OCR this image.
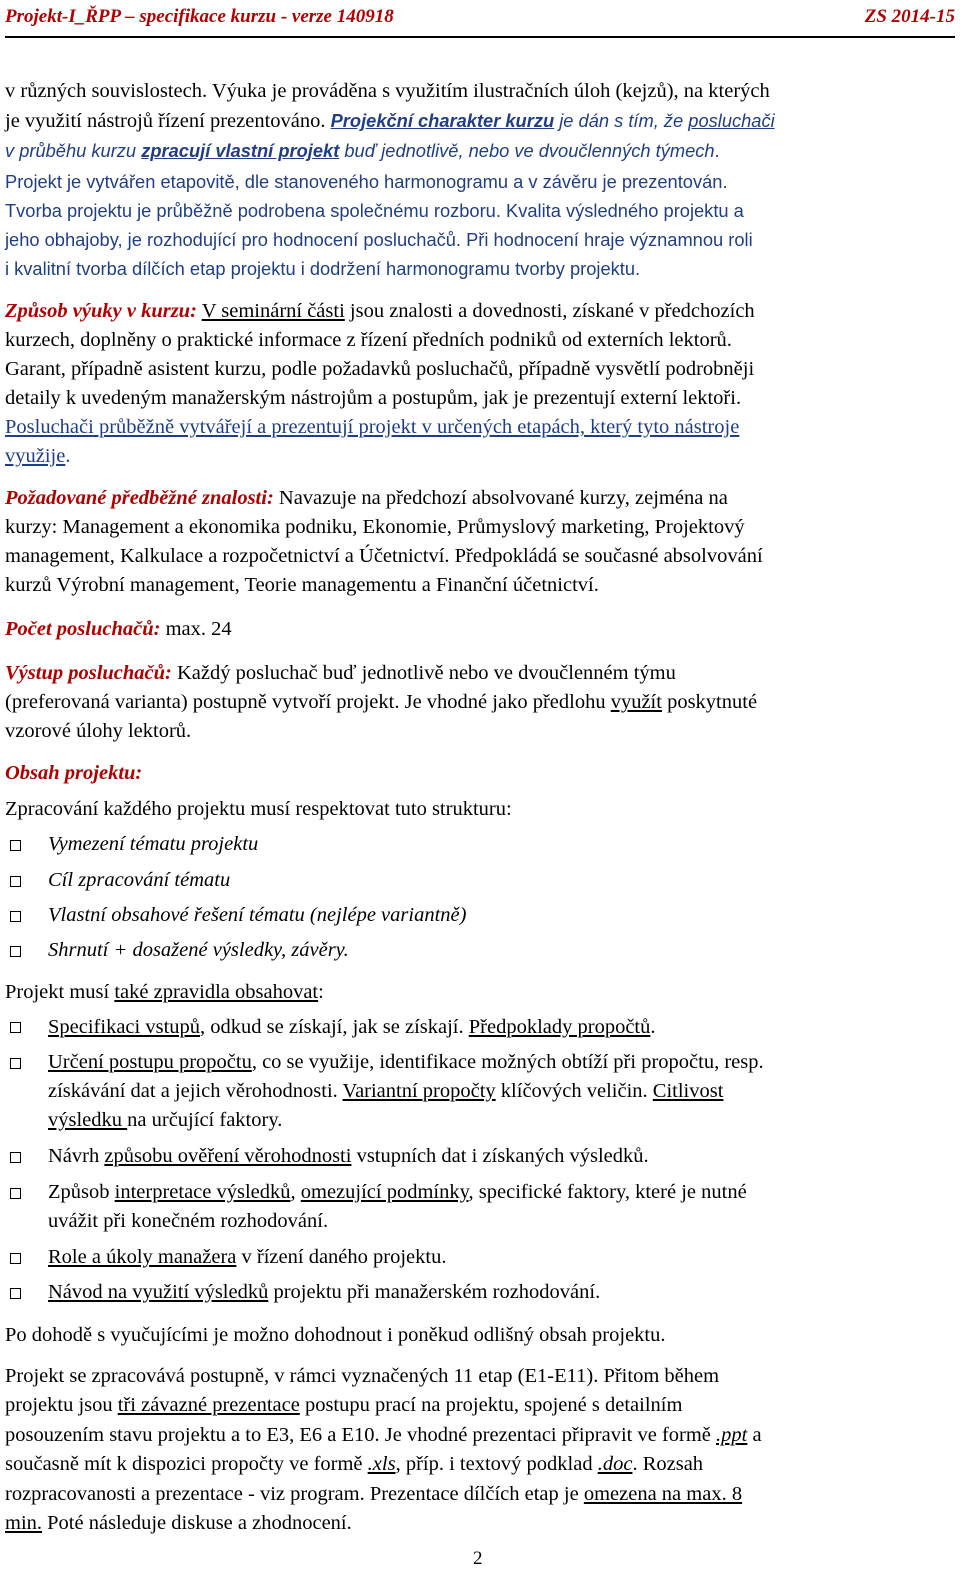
Projekt-I_ŘPP – specifikace kurzu - verze 140918	ZS 2014-15
v různých souvislostech. Výuka je prováděna s využitím ilustračních úloh (kejzů), na kterých
je využití nástrojů řízení prezentováno. Projekční charakter kurzu je dán s tím, že posluchači
v průběhu kurzu zpracují vlastní projekt buď jednotlivě, nebo ve dvoučlenných týmech.
Projekt je vytvářen etapovitě, dle stanoveného harmonogramu a v závěru je prezentován.
Tvorba projektu je průběžně podrobena společnému rozboru. Kvalita výsledného projektu a
jeho obhajoby, je rozhodující pro hodnocení posluchačů. Při hodnocení hraje významnou roli
i kvalitní tvorba dílčích etap projektu i dodržení harmonogramu tvorby projektu.
Způsob výuky v kurzu: V seminární části jsou znalosti a dovednosti, získané v předchozích
kurzech, doplněny o praktické informace z řízení předních podniků od externích lektorů.
Garant, případně asistent kurzu, podle požadavků posluchačů, případně vysvětlí podrobněji
detaily k uvedeným manažerským nástrojům a postupům, jak je prezentují externí lektoři.
Posluchači průběžně vytvářejí a prezentují projekt v určených etapách, který tyto nástroje
využije.
Požadované předběžné znalosti: Navazuje na předchozí absolvované kurzy, zejména na
kurzy: Management a ekonomika podniku, Ekonomie, Průmyslový marketing, Projektový
management, Kalkulace a rozpočetnictví a Účetnictví. Předpokládá se současné absolvování
kurzů Výrobní management, Teorie managementu a Finanční účetnictví.
Počet posluchačů: max. 24
Výstup posluchačů: Každý posluchač buď jednotlivě nebo ve dvoučlenném týmu
(preferovaná varianta) postupně vytvoří projekt. Je vhodné jako předlohu využít poskytnuté
vzorové úlohy lektorů.
Obsah projektu:
Zpracování každého projektu musí respektovat tuto strukturu:
Vymezení tématu projektu
Cíl zpracování tématu
Vlastní obsahové řešení tématu (nejlépe variantně)
Shrnutí + dosažené výsledky, závěry.
Projekt musí také zpravidla obsahovat:
Specifikaci vstupů, odkud se získají, jak se získají. Předpoklady propočtů.
Určení postupu propočtu, co se využije, identifikace možných obtíží při propočtu, resp.
získávání dat a jejich věrohodnosti. Variantní propočty klíčových veličin. Citlivost
výsledku na určující faktory.
Návrh způsobu ověření věrohodnosti vstupních dat i získaných výsledků.
Způsob interpretace výsledků, omezující podmínky, specifické faktory, které je nutné
uvážit při konečném rozhodování.
Role a úkoly manažera v řízení daného projektu.
Návod na využití výsledků projektu při manažerském rozhodování.
Po dohodě s vyučujícími je možno dohodnout i poněkud odlišný obsah projektu.
Projekt se zpracovává postupně, v rámci vyznačených 11 etap (E1-E11). Přitom během
projektu jsou tři závazné prezentace postupu prací na projektu, spojené s detailním
posouzením stavu projektu a to E3, E6 a E10. Je vhodné prezentaci připravit ve formě .ppt a
současně mít k dispozici propočty ve formě .xls, příp. i textový podklad .doc. Rozsah
rozpracovanosti a prezentace - viz program. Prezentace dílčích etap je omezena na max. 8
min. Poté následuje diskuse a zhodnocení.
2
